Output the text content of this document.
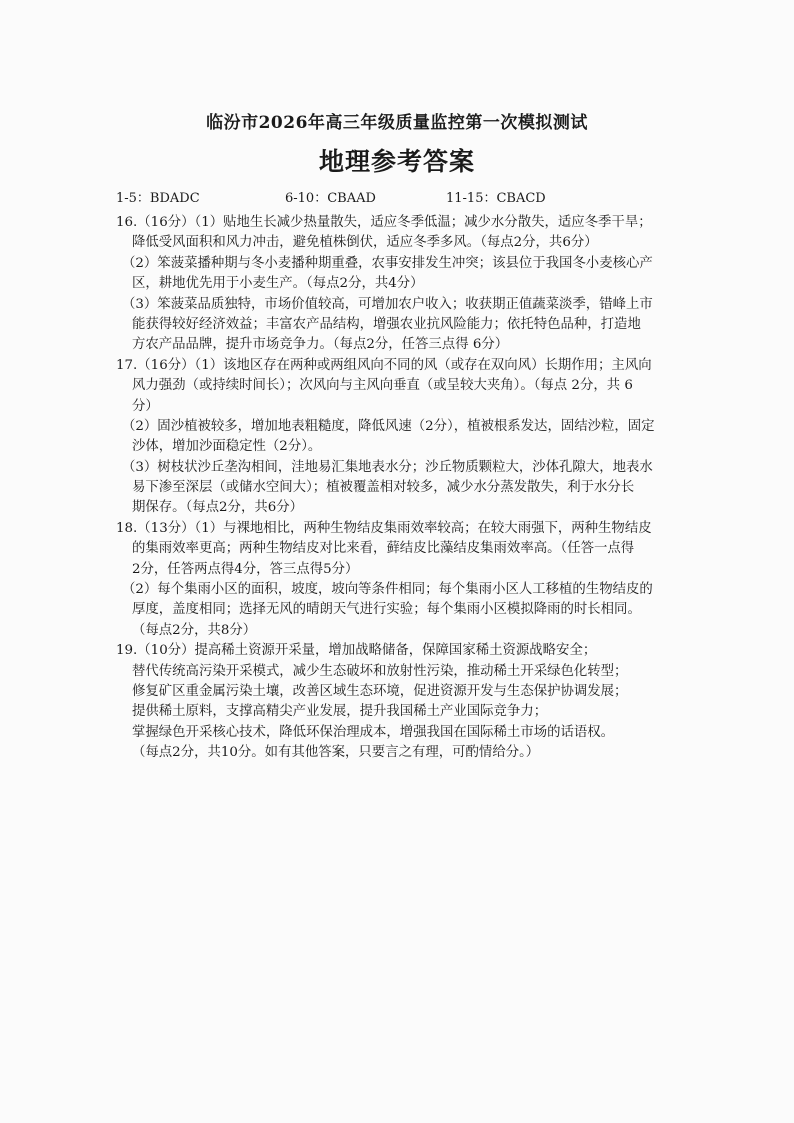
临汾市2026年高三年级质量监控第一次模拟测试
地理参考答案
1-5：BDADC	6-10：CBAAD	11-15：CBACD
16.（16分）（1）贴地生长减少热量散失，适应冬季低温；减少水分散失，适应冬季干旱；
降低受风面积和风力冲击，避免植株倒伏，适应冬季多风。（每点2分，共6分）
（2）笨菠菜播种期与冬小麦播种期重叠，农事安排发生冲突；该县位于我国冬小麦核心产
区，耕地优先用于小麦生产。（每点2分，共4分）
（3）笨菠菜品质独特，市场价值较高，可增加农户收入；收获期正值蔬菜淡季，错峰上市
能获得较好经济效益；丰富农产品结构，增强农业抗风险能力；依托特色品种，打造地
方农产品品牌，提升市场竞争力。（每点2分，任答三点得 6分）
17.（16分）（1）该地区存在两种或两组风向不同的风（或存在双向风）长期作用；主风向
风力强劲（或持续时间长）；次风向与主风向垂直（或呈较大夹角）。（每点 2分，共 6
分）
（2）固沙植被较多，增加地表粗糙度，降低风速（2分），植被根系发达，固结沙粒，固定
沙体，增加沙面稳定性（2分）。
（3）树枝状沙丘垄沟相间，洼地易汇集地表水分；沙丘物质颗粒大，沙体孔隙大，地表水
易下渗至深层（或储水空间大）；植被覆盖相对较多，减少水分蒸发散失，利于水分长
期保存。（每点2分，共6分）
18.（13分）（1）与裸地相比，两种生物结皮集雨效率较高；在较大雨强下，两种生物结皮
的集雨效率更高；两种生物结皮对比来看，藓结皮比藻结皮集雨效率高。（任答一点得
2分，任答两点得4分，答三点得5分）
（2）每个集雨小区的面积，坡度，坡向等条件相同；每个集雨小区人工移植的生物结皮的
厚度，盖度相同；选择无风的晴朗天气进行实验；每个集雨小区模拟降雨的时长相同。
（每点2分，共8分）
19.（10分）提高稀土资源开采量，增加战略储备，保障国家稀土资源战略安全；
替代传统高污染开采模式，减少生态破坏和放射性污染，推动稀土开采绿色化转型；
修复矿区重金属污染土壤，改善区域生态环境，促进资源开发与生态保护协调发展；
提供稀土原料，支撑高精尖产业发展，提升我国稀土产业国际竞争力；
掌握绿色开采核心技术，降低环保治理成本，增强我国在国际稀土市场的话语权。
（每点2分，共10分。如有其他答案，只要言之有理，可酌情给分。）
